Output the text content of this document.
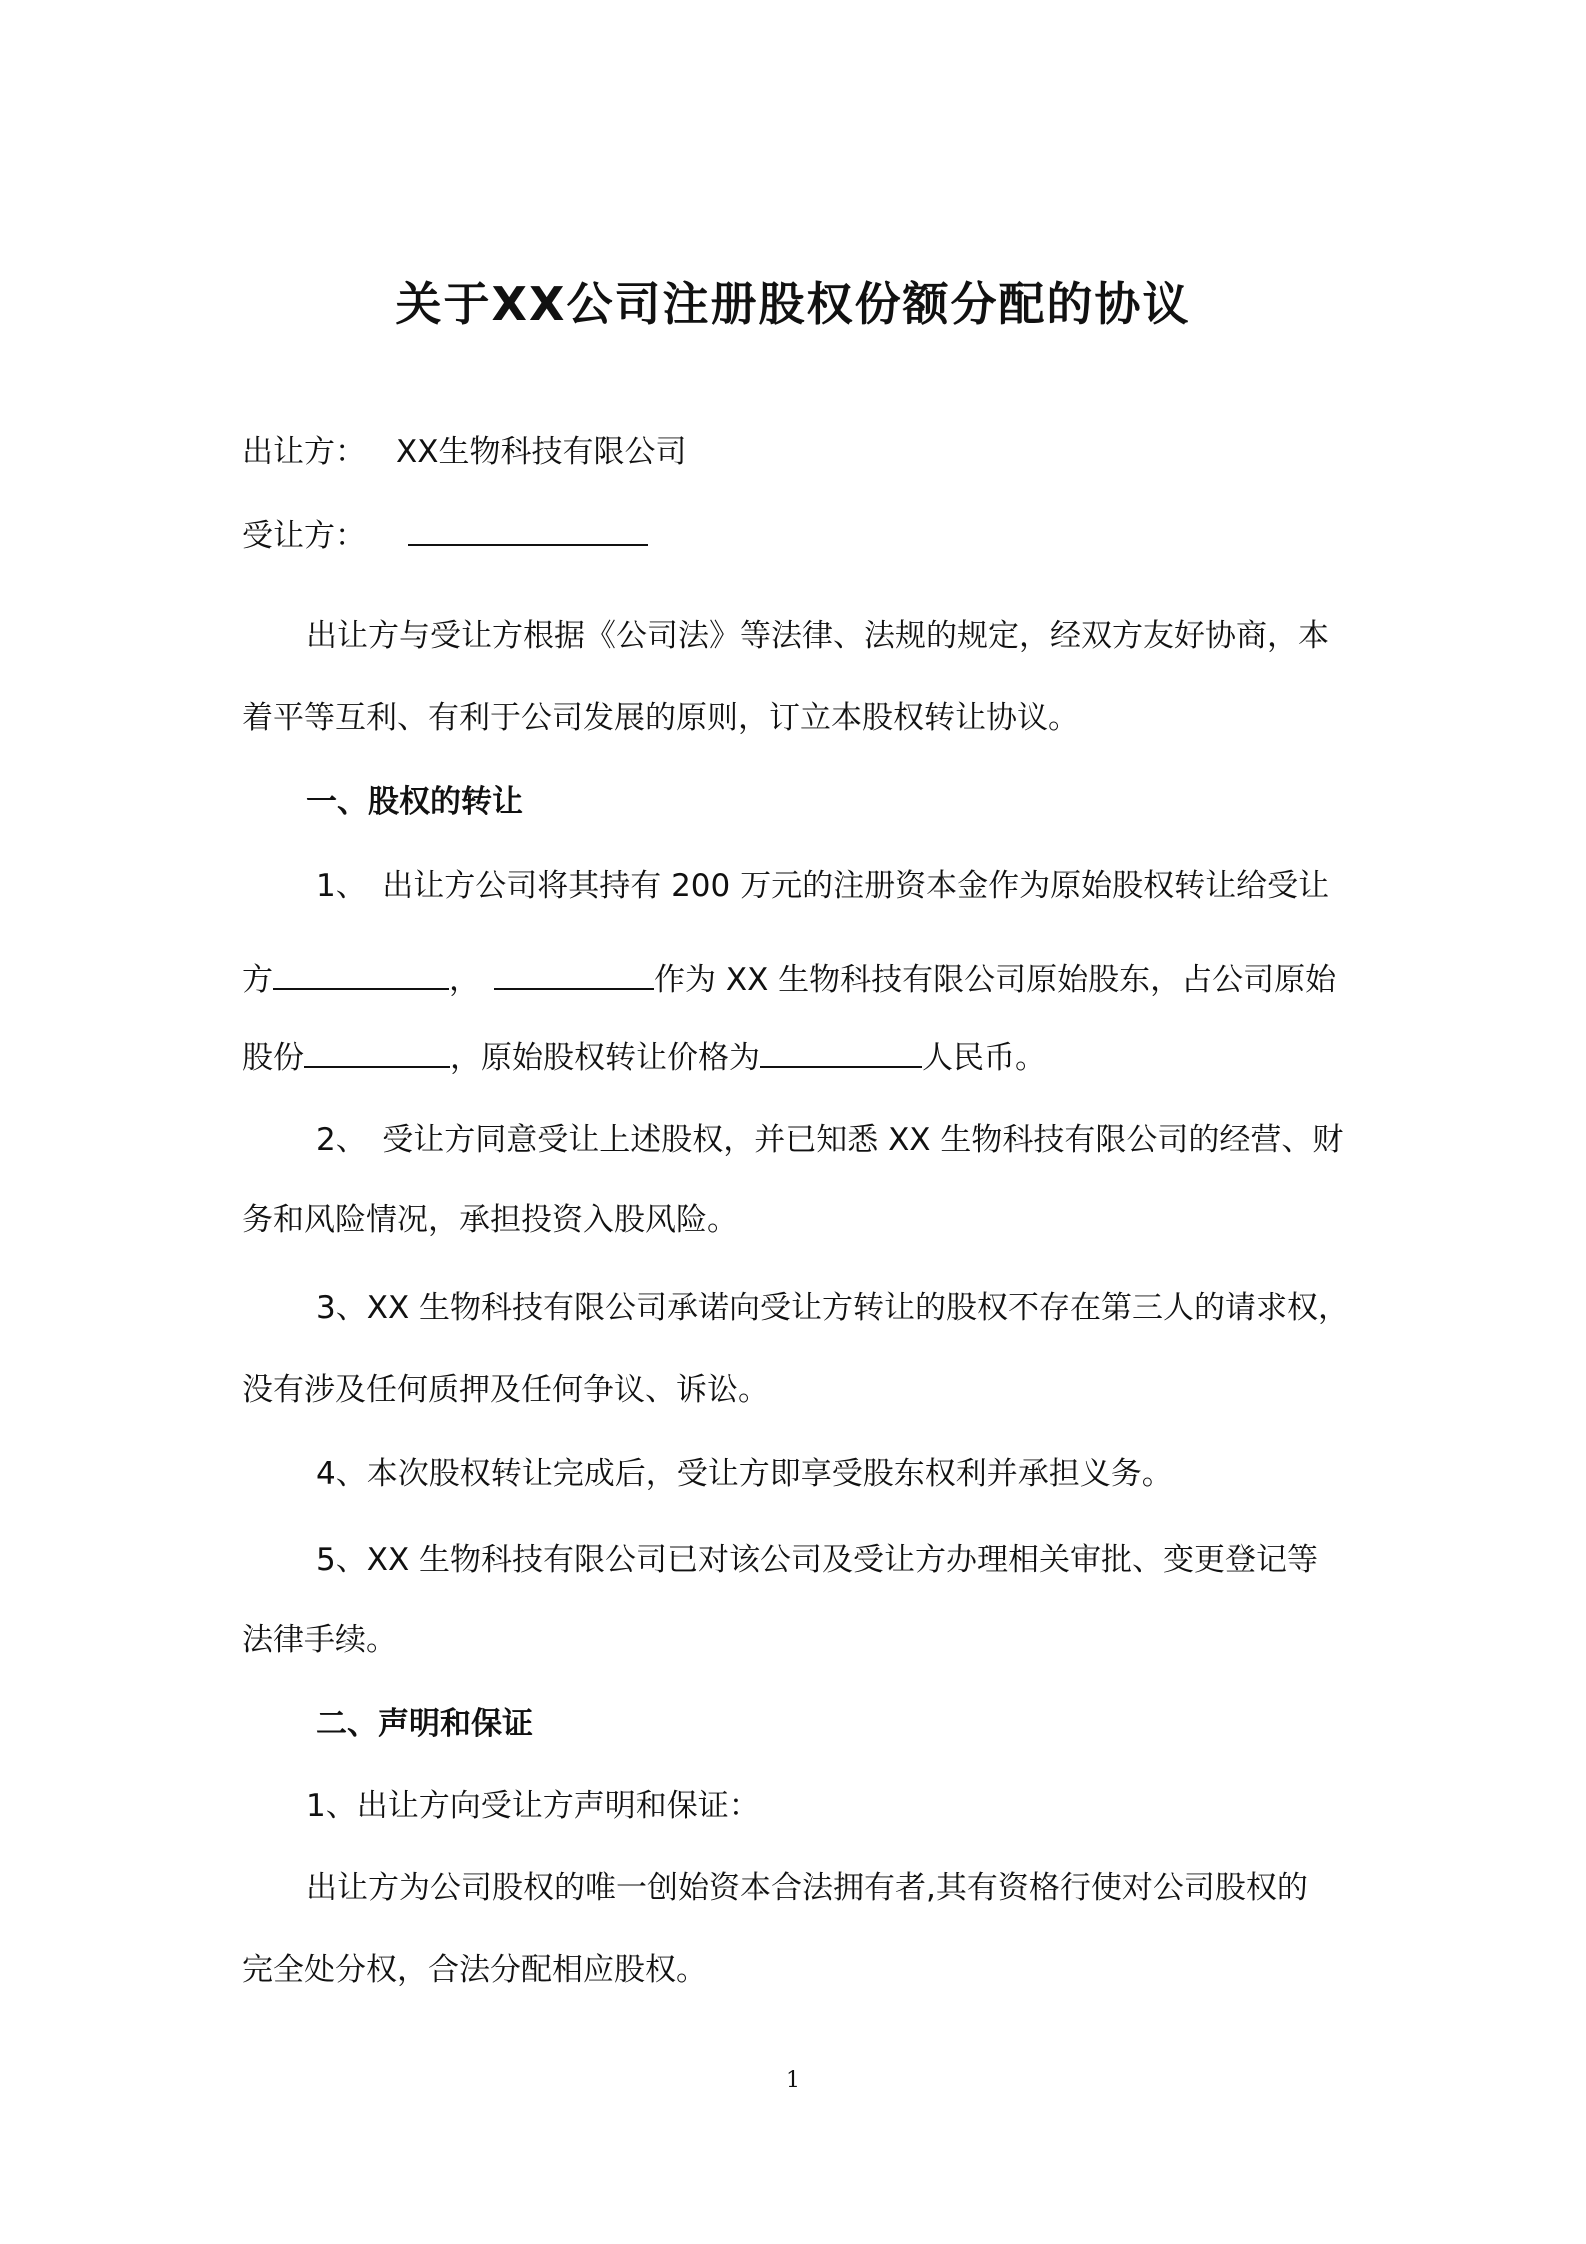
关于XX公司注册股权份额分配的协议
出让方： XX生物科技有限公司
受让方：
出让方与受让方根据《公司法》等法律、法规的规定，经双方友好协商，本
着平等互利、有利于公司发展的原则，订立本股权转让协议。
一、股权的转让
1、　出让方公司将其持有 200 万元的注册资本金作为原始股权转让给受让
方	，	作为 XX 生物科技有限公司原始股东，占公司原始
股份	，原始股权转让价格为	人民币。
2、　受让方同意受让上述股权，并已知悉 XX 生物科技有限公司的经营、财
务和风险情况，承担投资入股风险。
3、XX 生物科技有限公司承诺向受让方转让的股权不存在第三人的请求权，
没有涉及任何质押及任何争议、诉讼。
4、本次股权转让完成后，受让方即享受股东权利并承担义务。
5、XX 生物科技有限公司已对该公司及受让方办理相关审批、变更登记等
法律手续。
二、声明和保证
1、出让方向受让方声明和保证：
出让方为公司股权的唯一创始资本合法拥有者,其有资格行使对公司股权的
完全处分权，合法分配相应股权。
1
